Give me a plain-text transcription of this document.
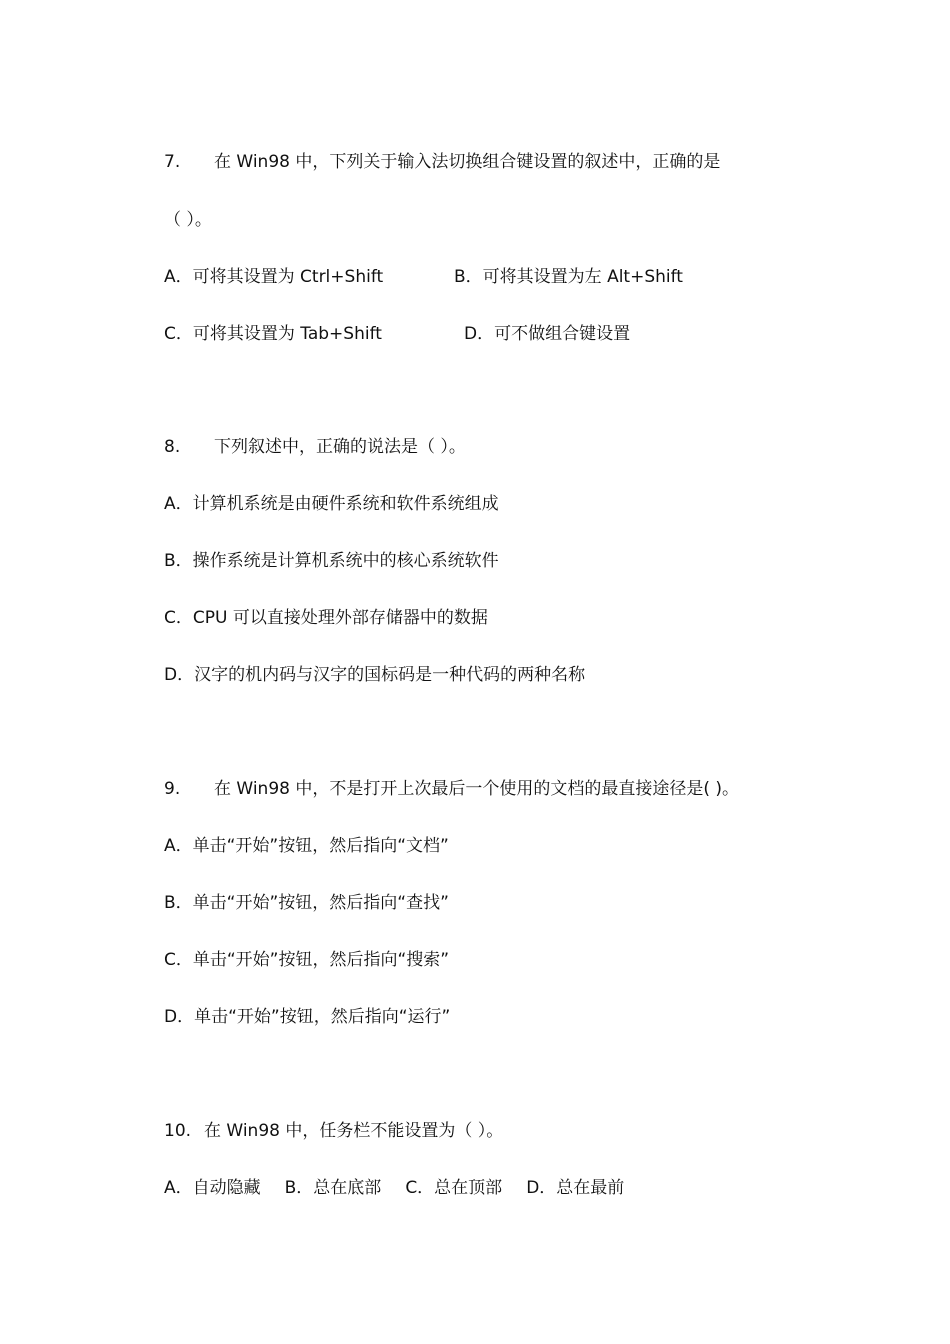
7. 在 Win98 中，下列关于输入法切换组合键设置的叙述中，正确的是
（ ）。
A．可将其设置为 Ctrl+Shift	B．可将其设置为左 Alt+Shift
C．可将其设置为 Tab+Shift	D．可不做组合键设置
8. 下列叙述中，正确的说法是（ ）。
A．计算机系统是由硬件系统和软件系统组成
B．操作系统是计算机系统中的核心系统软件
C．CPU 可以直接处理外部存储器中的数据
D．汉字的机内码与汉字的国标码是一种代码的两种名称
9. 在 Win98 中，不是打开上次最后一个使用的文档的最直接途径是( )。
A．单击“开始”按钮，然后指向“文档”
B．单击“开始”按钮，然后指向“查找”
C．单击“开始”按钮，然后指向“搜索”
D．单击“开始”按钮，然后指向“运行”
10. 在 Win98 中，任务栏不能设置为（ ）。
A．自动隐藏 B．总在底部 C．总在顶部 D．总在最前
